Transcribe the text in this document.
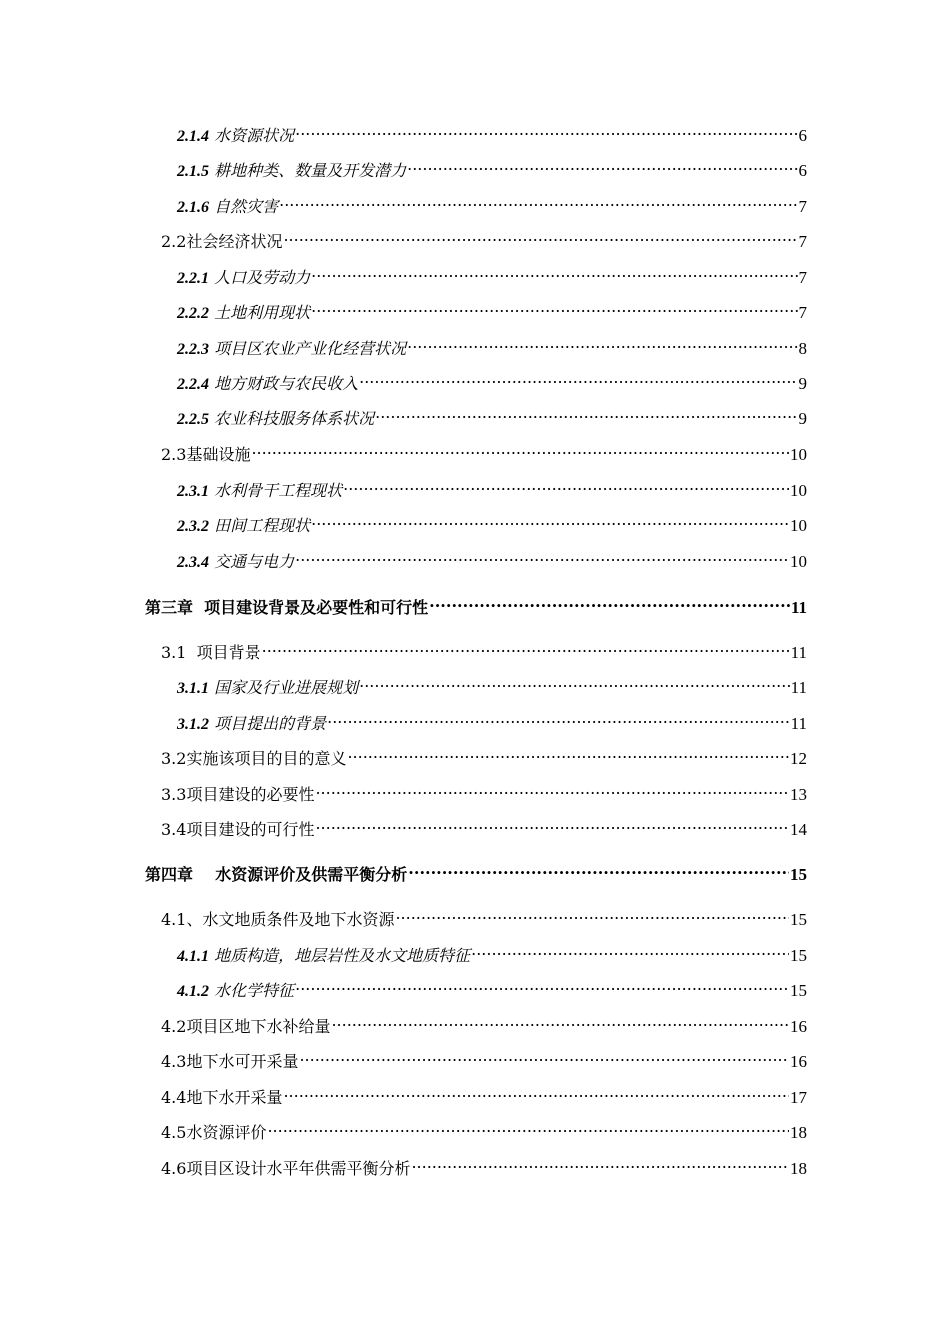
2.1.4 水资源状况 .....	6
2.1.5 耕地种类、数量及开发潜力 .....	6
2.1.6 自然灾害 .....	7
2.2社会经济状况 .....	7
2.2.1 人口及劳动力 .....	7
2.2.2 土地利用现状 .....	7
2.2.3 项目区农业产业化经营状况 .....	8
2.2.4 地方财政与农民收入 .....	9
2.2.5 农业科技服务体系状况 .....	9
2.3基础设施 .....	10
2.3.1 水利骨干工程现状 .....	10
2.3.2 田间工程现状 .....	10
2.3.4 交通与电力 .....	10
第三章  项目建设背景及必要性和可行性 .....	11
3.1  项目背景 .....	11
3.1.1 国家及行业进展规划 .....	11
3.1.2 项目提出的背景 .....	11
3.2实施该项目的目的意义 .....	12
3.3项目建设的必要性 .....	13
3.4项目建设的可行性 .....	14
第四章    水资源评价及供需平衡分析 .....	15
4.1、水文地质条件及地下水资源 .....	15
4.1.1 地质构造，地层岩性及水文地质特征 .....	15
4.1.2 水化学特征 .....	15
4.2项目区地下水补给量 .....	16
4.3地下水可开采量 .....	16
4.4地下水开采量 .....	17
4.5水资源评价 .....	18
4.6项目区设计水平年供需平衡分析 .....	18
